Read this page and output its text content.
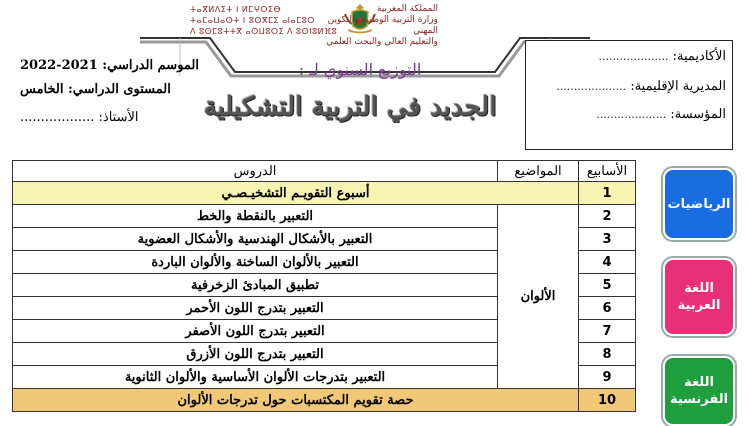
ⵜⴰⴳⵍⴷⵉⵜ ⵏ ⵍⵎⵖⵔⵉⴱ
ⵜⴰⵎⴰⵡⴰⵙⵜ ⵏ ⵓⵙⴳⵎⵉ ⴰⵏⴰⵎⵓⵔ
ⴷ ⵓⵙⵎⵓⵜⵜⴳ ⴰⵙⵡⵓⵔⵉ ⴷ ⵓⵙⵏⵓⵍⴼⵓ
المملكة المغربية
وزارة التربية الوطنية والتكوين المهني
والتعليم العالي والبحث العلمي
الأكاديمية: ....................
المديرية الإقليمية: ....................
المؤسسة: ....................
الموسم الدراسي: 2021-2022
المستوى الدراسي: الخامس
الأستاذ: ..................
التوزيع السنوي لـ :
الجديد في التربية التشكيلية
الأسابيع	المواضيع	الدروس
1	أسبوع التقويـم التشخيـصـي	
2	الألوان	التعبير بالنقطة والخط
3		التعبير بالأشكال الهندسية والأشكال العضوية
4		التعبير بالألوان الساخنة والألوان الباردة
5		تطبيق المبادئ الزخرفية
6		التعبير بتدرج اللون الأحمر
7		التعبير بتدرج اللون الأصفر
8		التعبير بتدرج اللون الأزرق
9		التعبير بتدرجات الألوان الأساسية والألوان الثانوية
10	حصة تقويم المكتسبات حول تدرجات الألوان	
الرياضيات
اللغة
العربية
اللغة
الفرنسية
